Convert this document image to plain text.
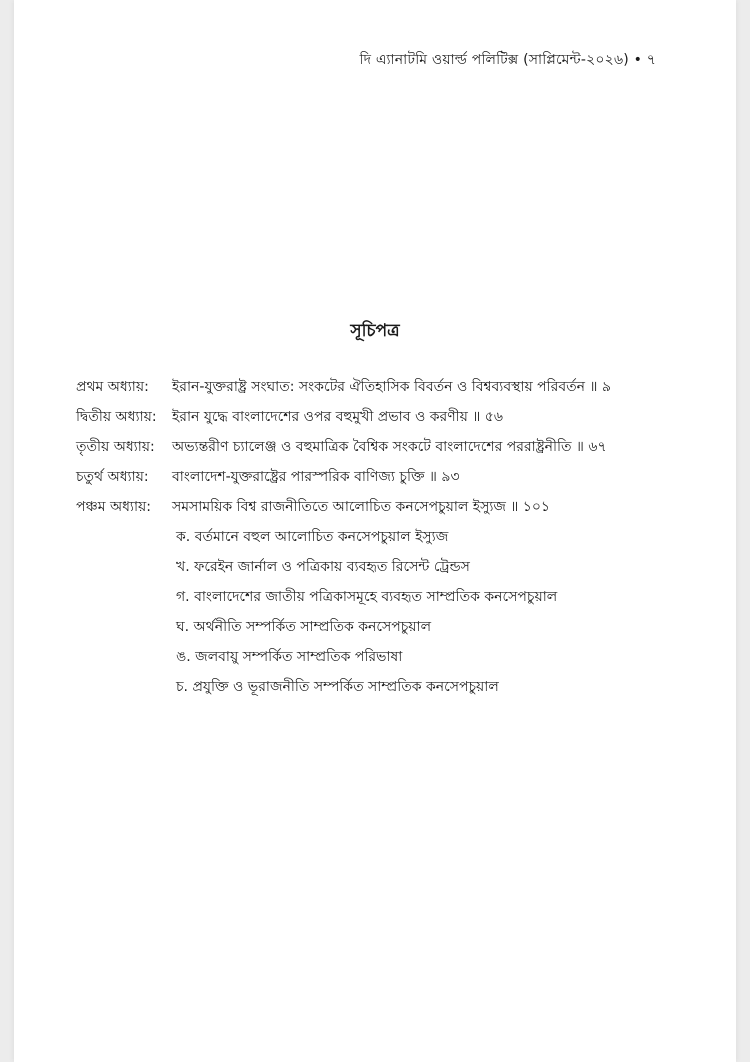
দি এ্যানাটমি ওয়ার্ল্ড পলিটিক্স (সাপ্লিমেন্ট-২০২৬) • ৭
সূচিপত্র
প্রথম অধ্যায়:	ইরান-যুক্তরাষ্ট্র সংঘাত: সংকটের ঐতিহাসিক বিবর্তন ও বিশ্বব্যবস্থায় পরিবর্তন ॥ ৯
দ্বিতীয় অধ্যায়:	ইরান যুদ্ধে বাংলাদেশের ওপর বহুমুখী প্রভাব ও করণীয় ॥ ৫৬
তৃতীয় অধ্যায়:	অভ্যন্তরীণ চ্যালেঞ্জ ও বহুমাত্রিক বৈশ্বিক সংকটে বাংলাদেশের পররাষ্ট্রনীতি ॥ ৬৭
চতুর্থ অধ্যায়:	বাংলাদেশ-যুক্তরাষ্ট্রের পারস্পরিক বাণিজ্য চুক্তি ॥ ৯৩
পঞ্চম অধ্যায়:	সমসাময়িক বিশ্ব রাজনীতিতে আলোচিত কনসেপচুয়াল ইস্যুজ ॥ ১০১
ক. বর্তমানে বহুল আলোচিত কনসেপচুয়াল ইস্যুজ
খ. ফরেইন জার্নাল ও পত্রিকায় ব্যবহৃত রিসেন্ট ট্রেন্ডস
গ. বাংলাদেশের জাতীয় পত্রিকাসমূহে ব্যবহৃত সাম্প্রতিক কনসেপচুয়াল
ঘ. অর্থনীতি সম্পর্কিত সাম্প্রতিক কনসেপচুয়াল
ঙ. জলবায়ু সম্পর্কিত সাম্প্রতিক পরিভাষা
চ. প্রযুক্তি ও ভূরাজনীতি সম্পর্কিত সাম্প্রতিক কনসেপচুয়াল
